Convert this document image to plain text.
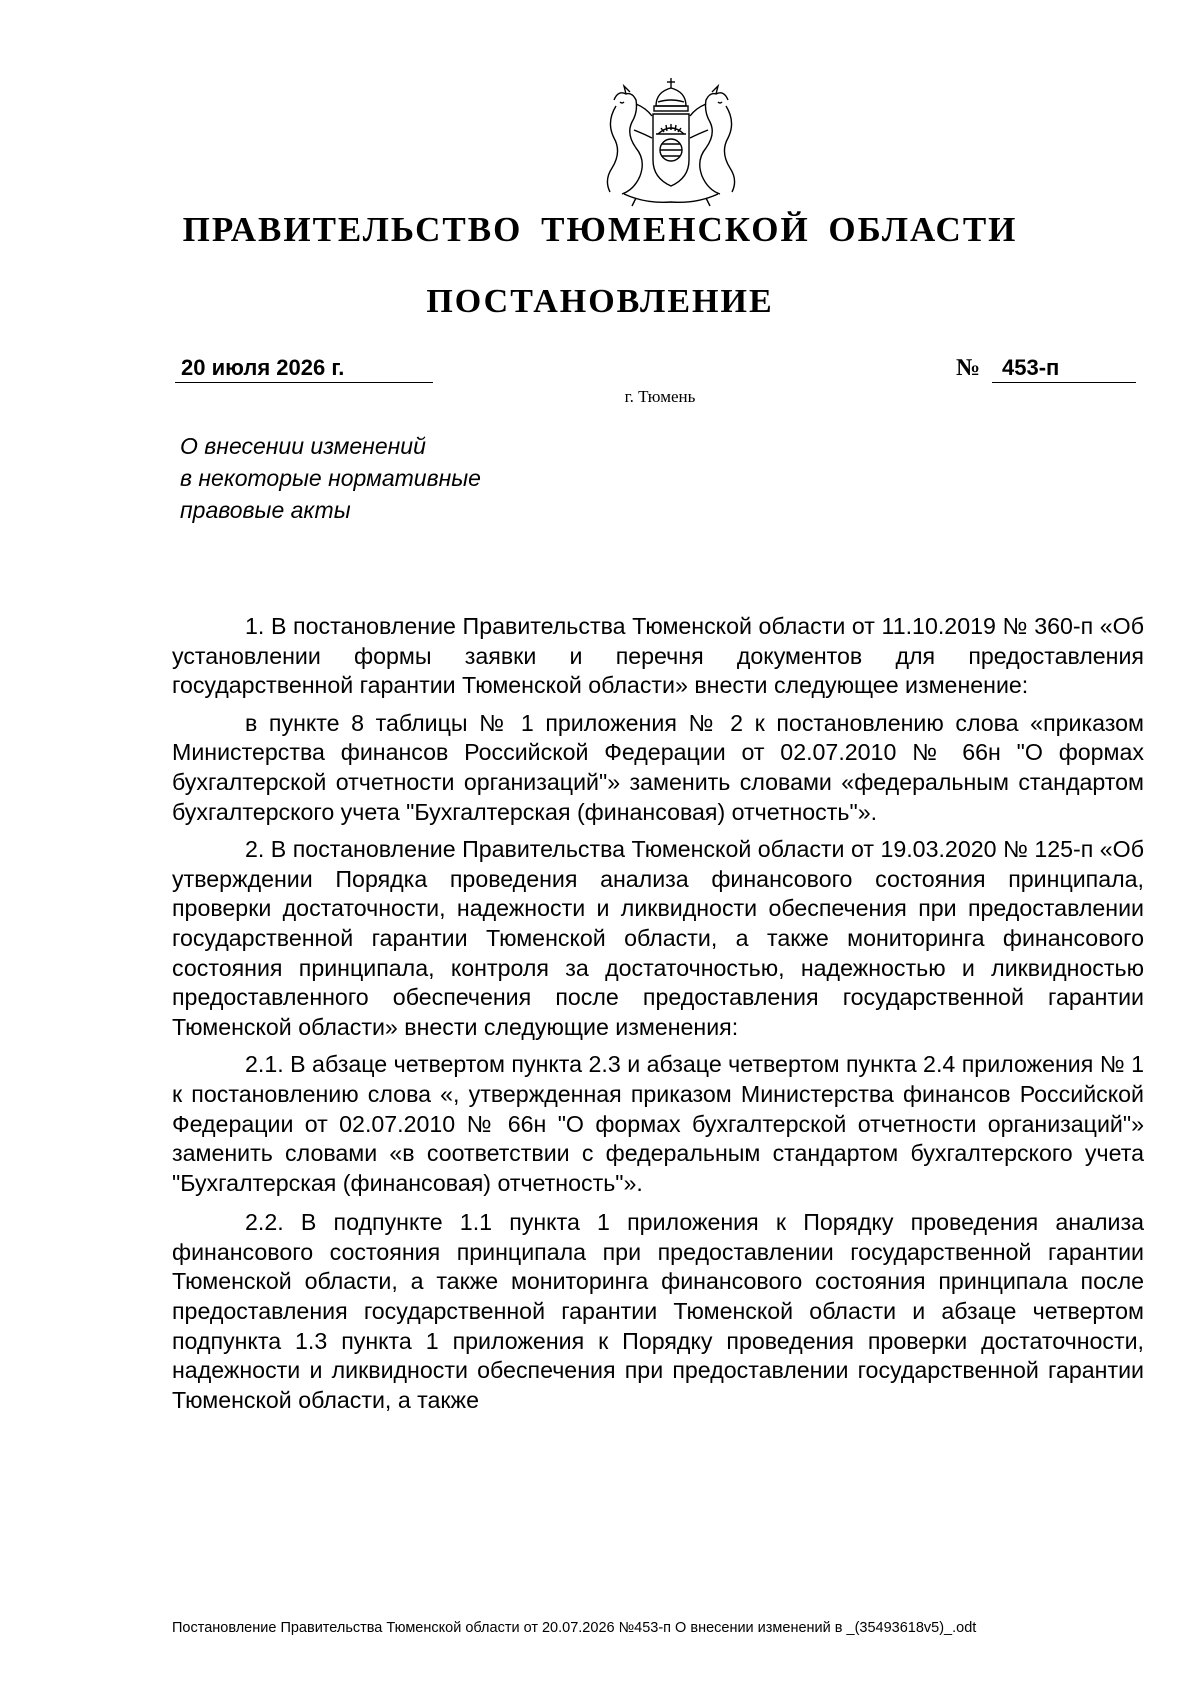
ПРАВИТЕЛЬСТВО ТЮМЕНСКОЙ ОБЛАСТИ
ПОСТАНОВЛЕНИЕ
20 июля 2026 г.	№ 453-п
г. Тюмень
О внесении изменений
в некоторые нормативные
правовые акты

1. В постановление Правительства Тюменской области от 11.10.2019 № 360-п «Об установлении формы заявки и перечня документов для предоставления государственной гарантии Тюменской области» внести следующее изменение:

в пункте 8 таблицы № 1 приложения № 2 к постановлению слова «приказом Министерства финансов Российской Федерации от 02.07.2010 № 66н "О формах бухгалтерской отчетности организаций"» заменить словами «федеральным стандартом бухгалтерского учета "Бухгалтерская (финансовая) отчетность"».

2. В постановление Правительства Тюменской области от 19.03.2020 № 125-п «Об утверждении Порядка проведения анализа финансового состояния принципала, проверки достаточности, надежности и ликвидности обеспечения при предоставлении государственной гарантии Тюменской области, а также мониторинга финансового состояния принципала, контроля за достаточностью, надежностью и ликвидностью предоставленного обеспечения после предоставления государственной гарантии Тюменской области» внести следующие изменения:

2.1. В абзаце четвертом пункта 2.3 и абзаце четвертом пункта 2.4 приложения № 1 к постановлению слова «, утвержденная приказом Министерства финансов Российской Федерации от 02.07.2010 № 66н "О формах бухгалтерской отчетности организаций"» заменить словами «в соответствии с федеральным стандартом бухгалтерского учета "Бухгалтерская (финансовая) отчетность"».

2.2. В подпункте 1.1 пункта 1 приложения к Порядку проведения анализа финансового состояния принципала при предоставлении государственной гарантии Тюменской области, а также мониторинга финансового состояния принципала после предоставления государственной гарантии Тюменской области и абзаце четвертом подпункта 1.3 пункта 1 приложения к Порядку проведения проверки достаточности, надежности и ликвидности обеспечения при предоставлении государственной гарантии Тюменской области, а также

Постановление Правительства Тюменской области от 20.07.2026 №453-п О внесении изменений в _(35493618v5)_.odt
